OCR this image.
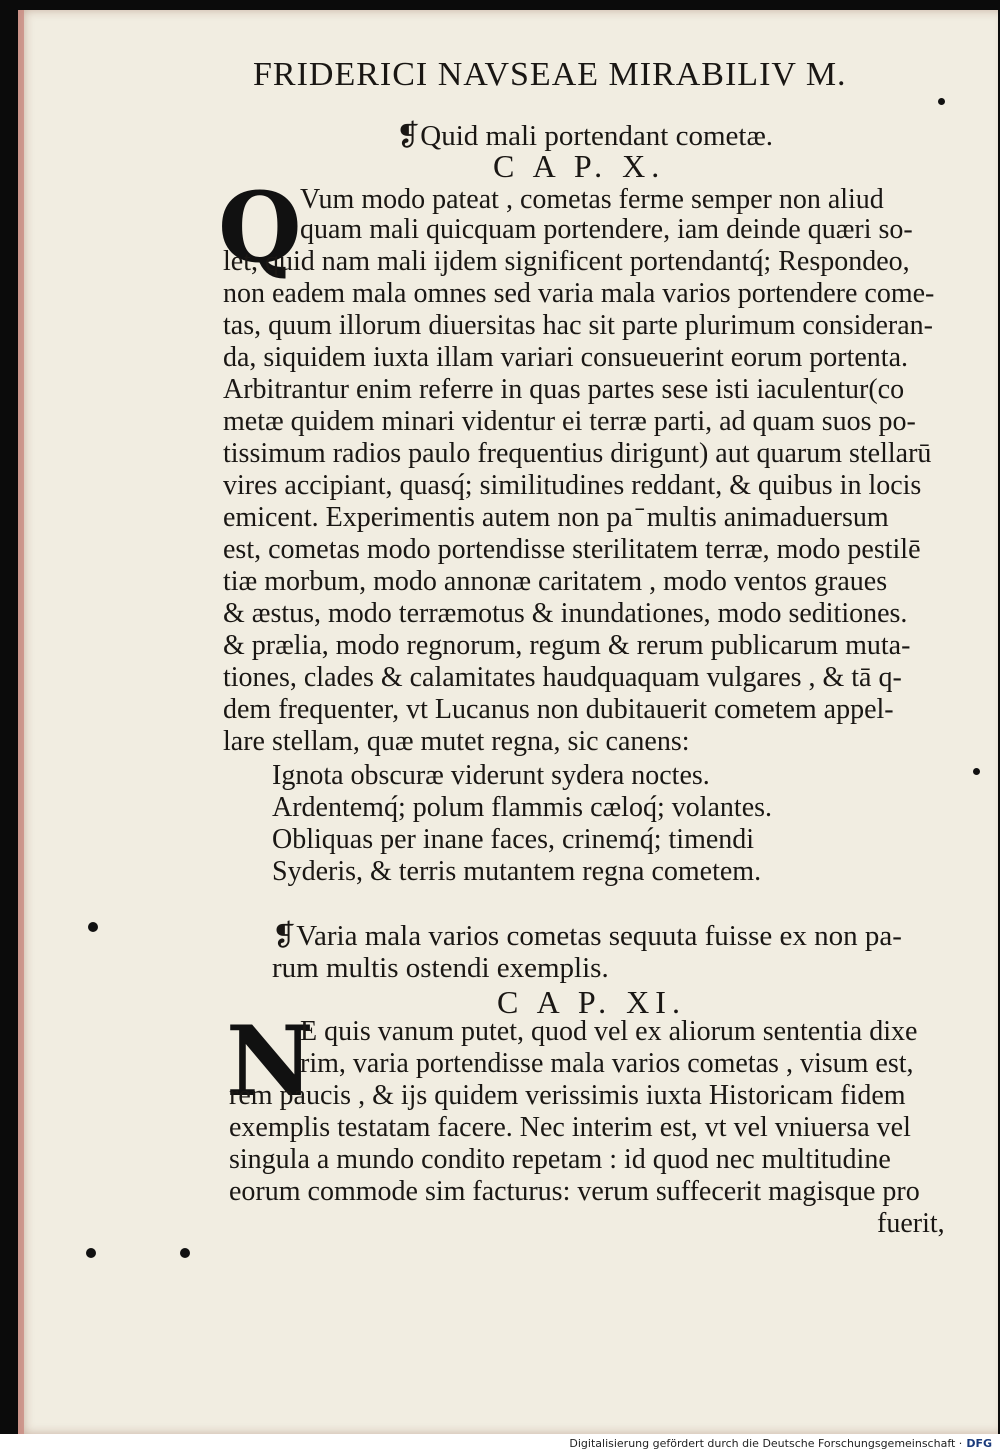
FRIDERICI NAVSEAE MIRABILIV M.
❡Quid mali portendant cometæ.
C A P. X.
Q
Vum modo pateat , cometas ferme semper non aliud
quam mali quicquam portendere, iam deinde quæri so-
let, quid nam mali ijdem significent portendantq́; Respondeo,
non eadem mala omnes sed varia mala varios portendere come-
tas, quum illorum diuersitas hac sit parte plurimum consideran-
da, siquidem iuxta illam variari consueuerint eorum portenta.
Arbitrantur enim referre in quas partes sese isti iaculentur(co
metæ quidem minari videntur ei terræ parti, ad quam suos po-
tissimum radios paulo frequentius dirigunt) aut quarum stellarū
vires accipiant, quasq́; similitudines reddant, & quibus in locis
emicent. Experimentis autem non pa ̄ multis animaduersum
est, cometas modo portendisse sterilitatem terræ, modo pestilē
tiæ morbum, modo annonæ caritatem , modo ventos graues
& æstus, modo terræmotus & inundationes, modo seditiones.
& prælia, modo regnorum, regum & rerum publicarum muta-
tiones, clades & calamitates haudquaquam vulgares , & tā q-
dem frequenter, vt Lucanus non dubitauerit cometem appel-
lare stellam, quæ mutet regna, sic canens:
Ignota obscuræ viderunt sydera noctes.
Ardentemq́; polum flammis cæloq́; volantes.
Obliquas per inane faces, crinemq́; timendi
Syderis, & terris mutantem regna cometem.
❡Varia mala varios cometas sequuta fuisse ex non pa-
rum multis ostendi exemplis.
C A P. XI.
N
E quis vanum putet, quod vel ex aliorum sententia dixe
rim, varia portendisse mala varios cometas , visum est,
rem paucis , & ijs quidem verissimis iuxta Historicam fidem
exemplis testatam facere. Nec interim est, vt vel vniuersa vel
singula a mundo condito repetam : id quod nec multitudine
eorum commode sim facturus: verum suffecerit magisque pro
fuerit,
Digitalisierung gefördert durch die Deutsche Forschungsgemeinschaft · DFG
